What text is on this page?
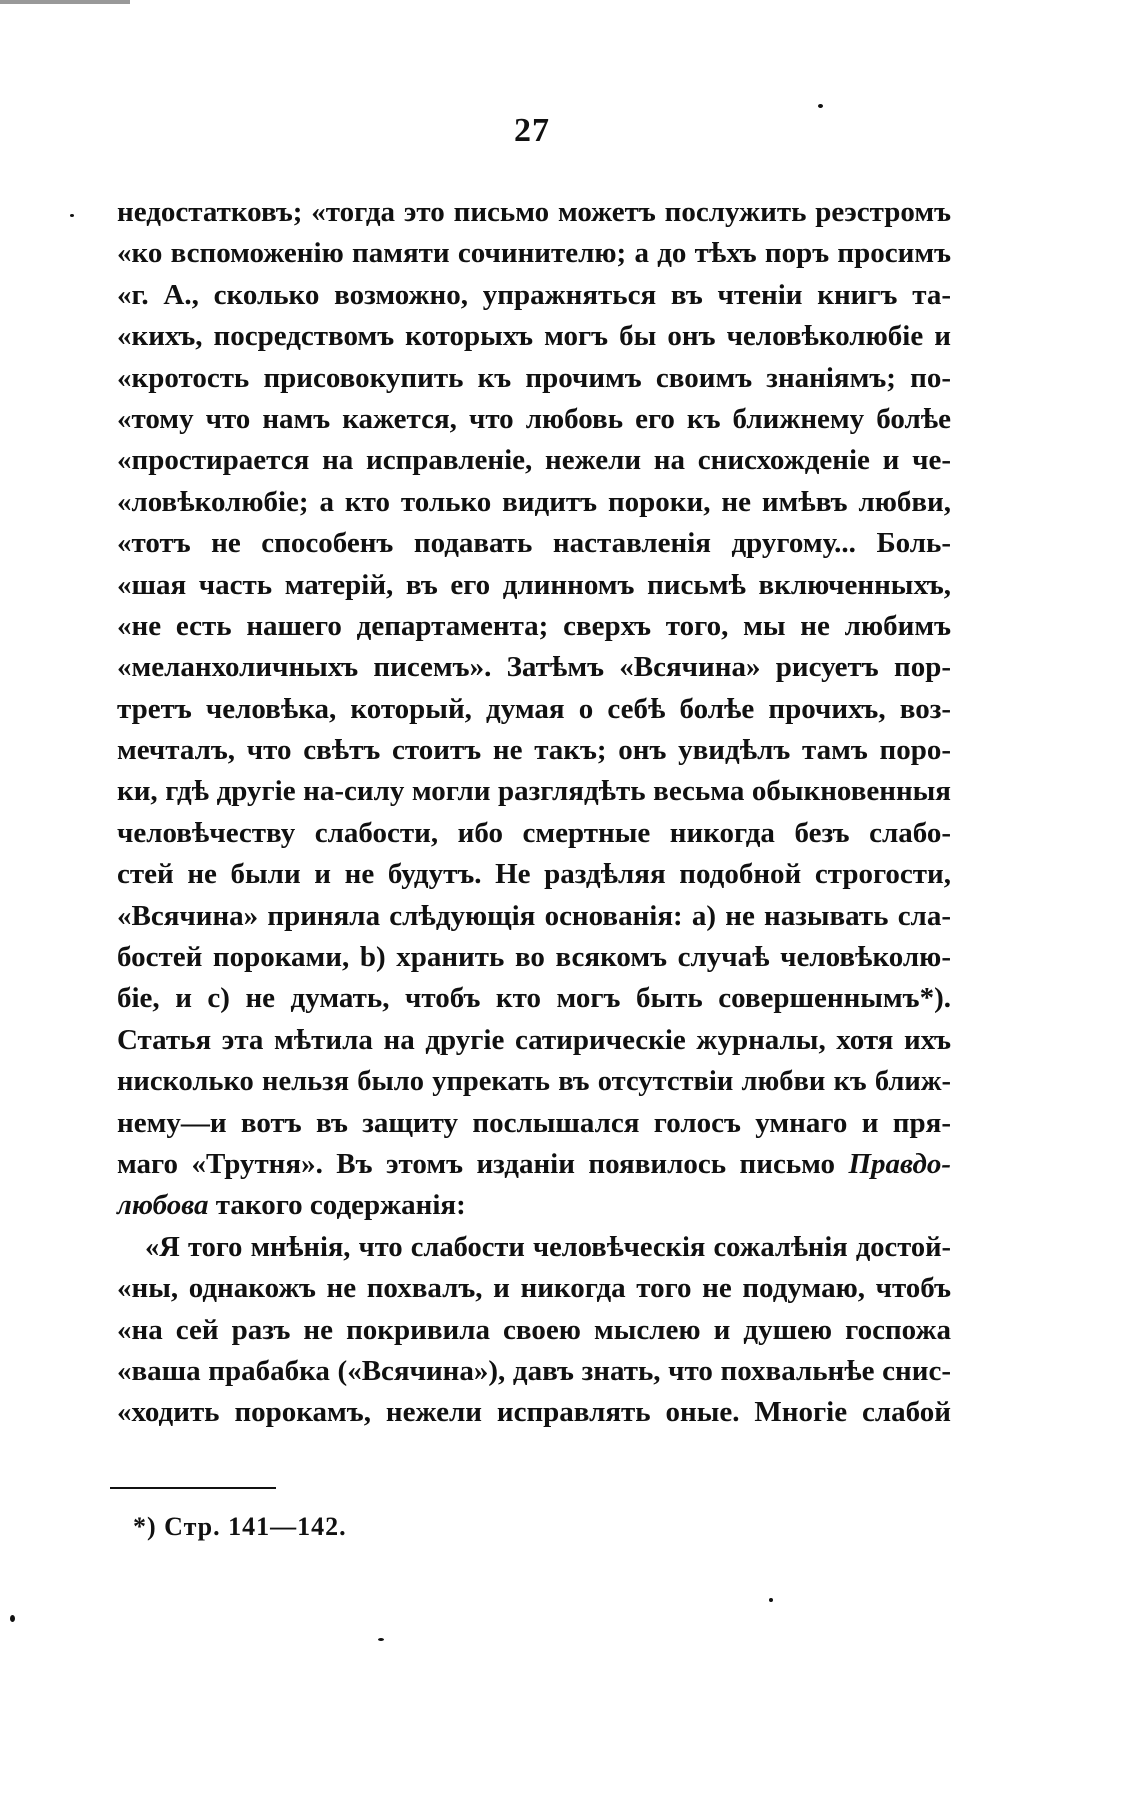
27
недостатковъ; «тогда это письмо можетъ послужить реэстромъ
«ко вспоможенію памяти сочинителю; а до тѣхъ поръ просимъ
«г. А., сколько возможно, упражняться въ чтеніи книгъ та-
«кихъ, посредствомъ которыхъ могъ бы онъ человѣколюбіе и
«кротость присовокупить къ прочимъ своимъ знаніямъ; по-
«тому что намъ кажется, что любовь его къ ближнему болѣе
«простирается на исправленіе, нежели на снисхожденіе и че-
«ловѣколюбіе; а кто только видитъ пороки, не имѣвъ любви,
«тотъ не способенъ подавать наставленія другому... Боль-
«шая часть матерій, въ его длинномъ письмѣ включенныхъ,
«не есть нашего департамента; сверхъ того, мы не любимъ
«меланхоличныхъ писемъ». Затѣмъ «Всячина» рисуетъ пор-
третъ человѣка, который, думая о себѣ болѣе прочихъ, воз-
мечталъ, что свѣтъ стоитъ не такъ; онъ увидѣлъ тамъ поро-
ки, гдѣ другіе на-силу могли разглядѣть весьма обыкновенныя
человѣчеству слабости, ибо смертные никогда безъ слабо-
стей не были и не будутъ. Не раздѣляя подобной строгости,
«Всячина» приняла слѣдующія основанія: a) не называть сла-
бостей пороками, b) хранить во всякомъ случаѣ человѣколю-
біе, и c) не думать, чтобъ кто могъ быть совершеннымъ*).
Статья эта мѣтила на другіе сатирическіе журналы, хотя ихъ
нисколько нельзя было упрекать въ отсутствіи любви къ ближ-
нему—и вотъ въ защиту послышался голосъ умнаго и пря-
маго «Трутня». Въ этомъ изданіи появилось письмо Правдо-
любова такого содержанія:
«Я того мнѣнія, что слабости человѣческія сожалѣнія достой-
«ны, однакожъ не похвалъ, и никогда того не подумаю, чтобъ
«на сей разъ не покривила своею мыслею и душею госпожа
«ваша прабабка («Всячина»), давъ знать, что похвальнѣе снис-
«ходить порокамъ, нежели исправлять оные. Многіе слабой
*) Стр. 141—142.
